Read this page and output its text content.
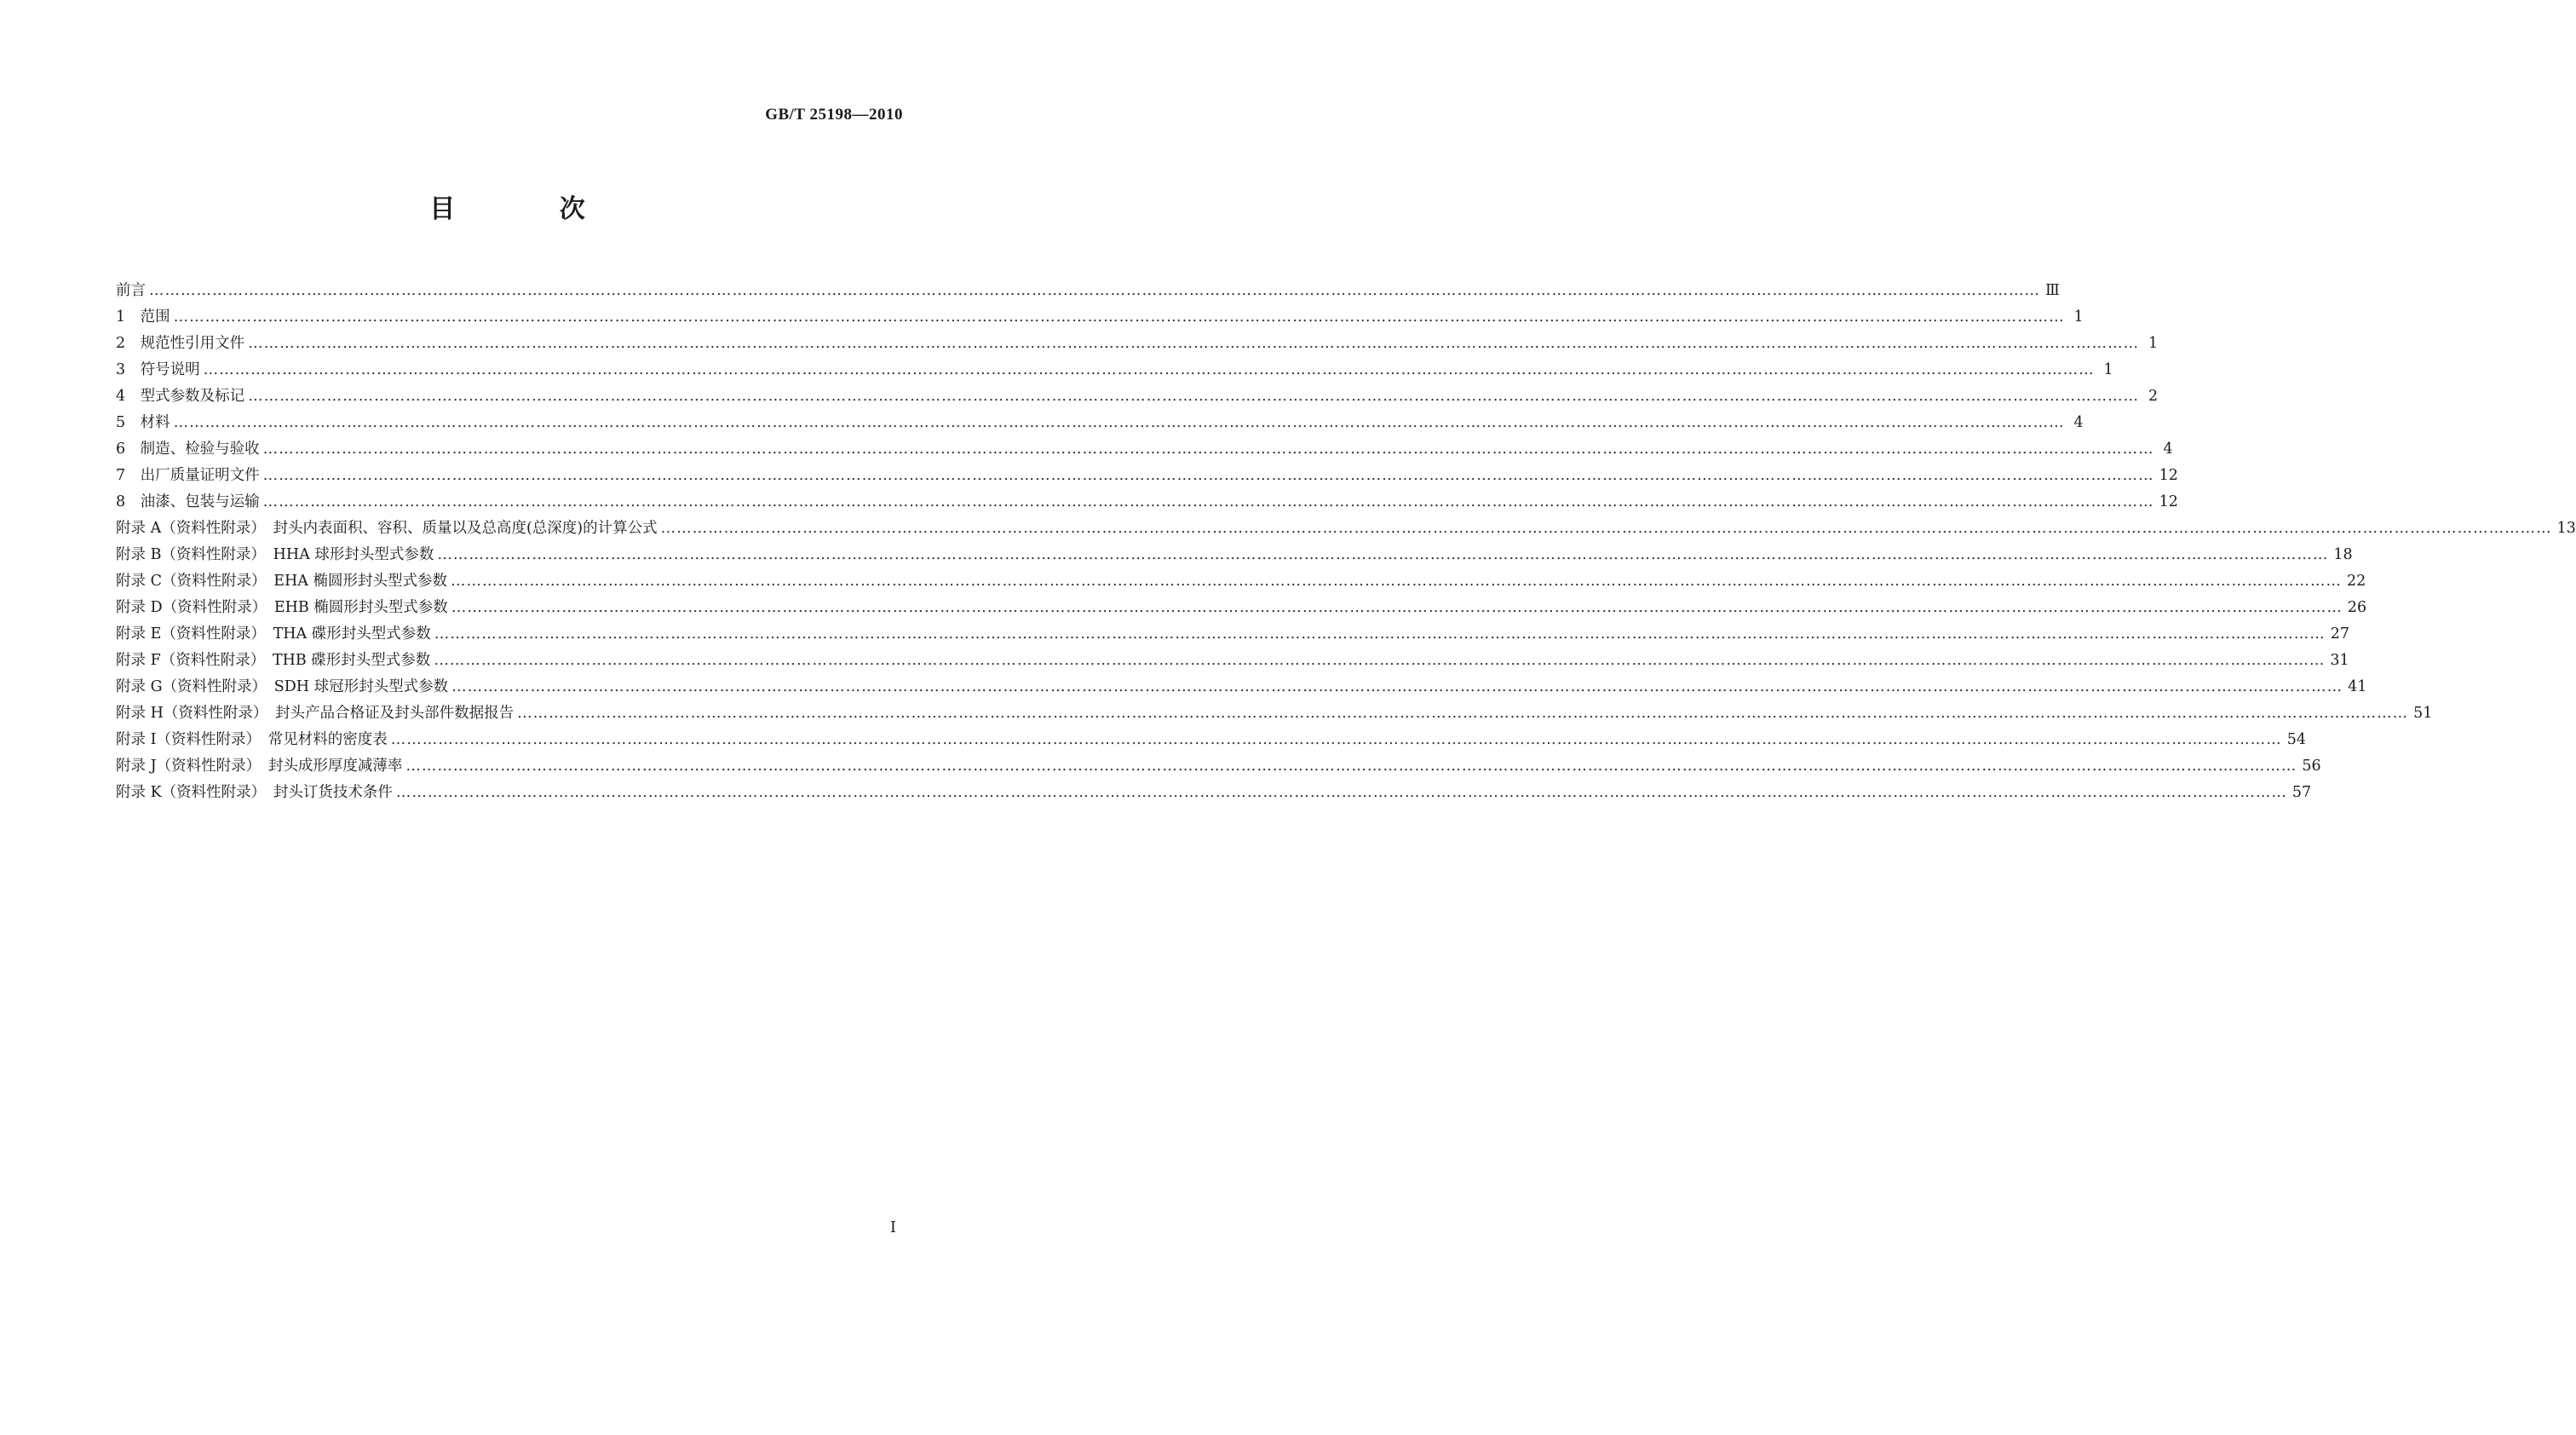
GB/T 25198—2010
目 次
前言 ……………………………………………………………………………………………………………………………………………………………………………………………………………………………………………………………………………………………………………………………… Ⅲ
1　范围 ……………………………………………………………………………………………………………………………………………………………………………………………………………………………………………………………………………………………………………………………… 1
2　规范性引用文件 ……………………………………………………………………………………………………………………………………………………………………………………………………………………………………………………………………………………………………………………………… 1
3　符号说明 ……………………………………………………………………………………………………………………………………………………………………………………………………………………………………………………………………………………………………………………………… 1
4　型式参数及标记 ……………………………………………………………………………………………………………………………………………………………………………………………………………………………………………………………………………………………………………………………… 2
5　材料 ……………………………………………………………………………………………………………………………………………………………………………………………………………………………………………………………………………………………………………………………… 4
6　制造、检验与验收 ……………………………………………………………………………………………………………………………………………………………………………………………………………………………………………………………………………………………………………………………… 4
7　出厂质量证明文件 ……………………………………………………………………………………………………………………………………………………………………………………………………………………………………………………………………………………………………………………………… 12
8　油漆、包装与运输 ……………………………………………………………………………………………………………………………………………………………………………………………………………………………………………………………………………………………………………………………… 12
附录 A（资料性附录）　封头内表面积、容积、质量以及总高度(总深度)的计算公式 ……………………………………………………………………………………………………………………………………………………………………………………………………………………………………………………………………………………………………………………………… 13
附录 B（资料性附录）　HHA 球形封头型式参数 ……………………………………………………………………………………………………………………………………………………………………………………………………………………………………………………………………………………………………………………………… 18
附录 C（资料性附录）　EHA 椭圆形封头型式参数 ……………………………………………………………………………………………………………………………………………………………………………………………………………………………………………………………………………………………………………………………… 22
附录 D（资料性附录）　EHB 椭圆形封头型式参数 ……………………………………………………………………………………………………………………………………………………………………………………………………………………………………………………………………………………………………………………………… 26
附录 E（资料性附录）　THA 碟形封头型式参数 ……………………………………………………………………………………………………………………………………………………………………………………………………………………………………………………………………………………………………………………………… 27
附录 F（资料性附录）　THB 碟形封头型式参数 ……………………………………………………………………………………………………………………………………………………………………………………………………………………………………………………………………………………………………………………………… 31
附录 G（资料性附录）　SDH 球冠形封头型式参数 ……………………………………………………………………………………………………………………………………………………………………………………………………………………………………………………………………………………………………………………………… 41
附录 H（资料性附录）　封头产品合格证及封头部件数据报告 ……………………………………………………………………………………………………………………………………………………………………………………………………………………………………………………………………………………………………………………………… 51
附录 I（资料性附录）　常见材料的密度表 ……………………………………………………………………………………………………………………………………………………………………………………………………………………………………………………………………………………………………………………………… 54
附录 J（资料性附录）　封头成形厚度减薄率 ……………………………………………………………………………………………………………………………………………………………………………………………………………………………………………………………………………………………………………………………… 56
附录 K（资料性附录）　封头订货技术条件 ……………………………………………………………………………………………………………………………………………………………………………………………………………………………………………………………………………………………………………………………… 57
I
